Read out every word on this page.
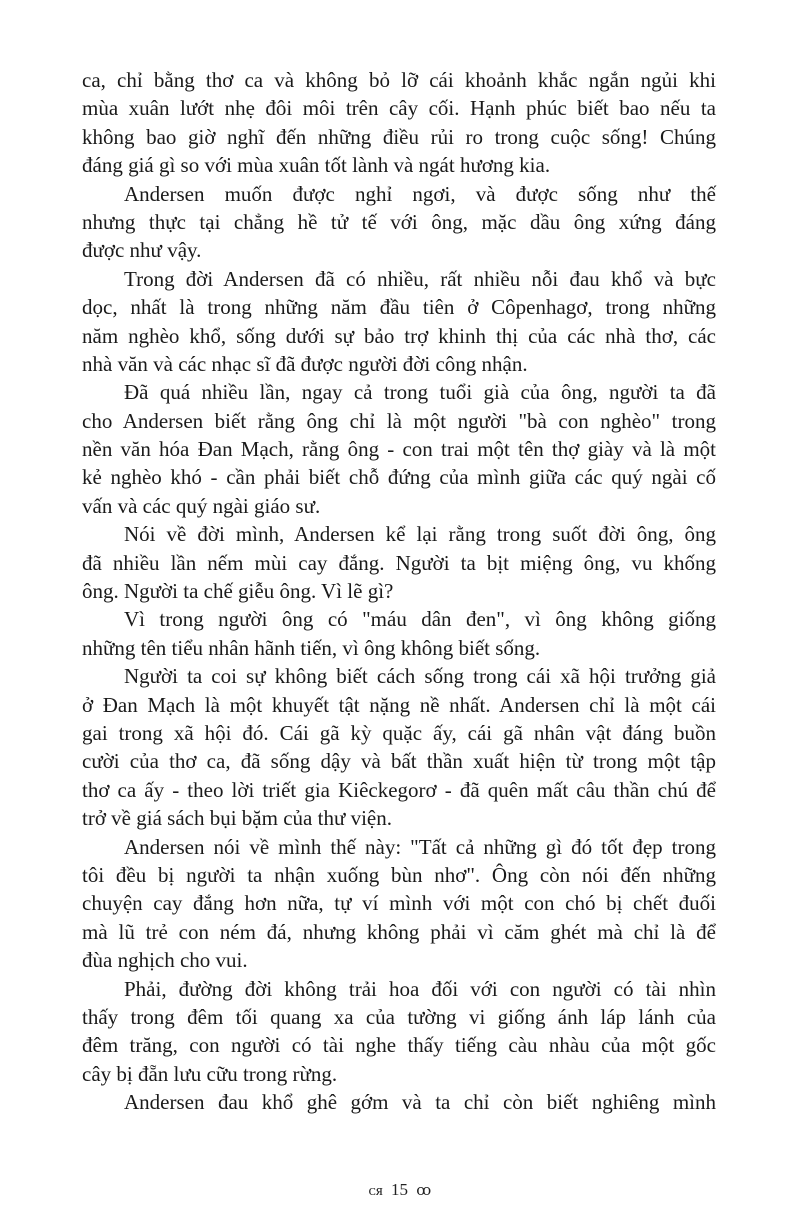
ca, chỉ bằng thơ ca và không bỏ lỡ cái khoảnh khắc ngắn ngủi khi
mùa xuân lướt nhẹ đôi môi trên cây cối. Hạnh phúc biết bao nếu ta
không bao giờ nghĩ đến những điều rủi ro trong cuộc sống! Chúng
đáng giá gì so với mùa xuân tốt lành và ngát hương kia.
Andersen muốn được nghỉ ngơi, và được sống như thế
nhưng thực tại chẳng hề tử tế với ông, mặc dầu ông xứng đáng
được như vậy.
Trong đời Andersen đã có nhiều, rất nhiều nỗi đau khổ và bực
dọc, nhất là trong những năm đầu tiên ở Côpenhagơ, trong những
năm nghèo khổ, sống dưới sự bảo trợ khinh thị của các nhà thơ, các
nhà văn và các nhạc sĩ đã được người đời công nhận.
Đã quá nhiều lần, ngay cả trong tuổi già của ông, người ta đã
cho Andersen biết rằng ông chỉ là một người "bà con nghèo" trong
nền văn hóa Đan Mạch, rằng ông - con trai một tên thợ giày và là một
kẻ nghèo khó - cần phải biết chỗ đứng của mình giữa các quý ngài cố
vấn và các quý ngài giáo sư.
Nói về đời mình, Andersen kể lại rằng trong suốt đời ông, ông
đã nhiều lần nếm mùi cay đắng. Người ta bịt miệng ông, vu khống
ông. Người ta chế giễu ông. Vì lẽ gì?
Vì trong người ông có "máu dân đen", vì ông không giống
những tên tiểu nhân hãnh tiến, vì ông không biết sống.
Người ta coi sự không biết cách sống trong cái xã hội trưởng giả
ở Đan Mạch là một khuyết tật nặng nề nhất. Andersen chỉ là một cái
gai trong xã hội đó. Cái gã kỳ quặc ấy, cái gã nhân vật đáng buồn
cười của thơ ca, đã sống dậy và bất thần xuất hiện từ trong một tập
thơ ca ấy - theo lời triết gia Kiêckegorơ - đã quên mất câu thần chú để
trở về giá sách bụi bặm của thư viện.
Andersen nói về mình thế này: "Tất cả những gì đó tốt đẹp trong
tôi đều bị người ta nhận xuống bùn nhơ". Ông còn nói đến những
chuyện cay đắng hơn nữa, tự ví mình với một con chó bị chết đuối
mà lũ trẻ con ném đá, nhưng không phải vì căm ghét mà chỉ là để
đùa nghịch cho vui.
Phải, đường đời không trải hoa đối với con người có tài nhìn
thấy trong đêm tối quang xa của tường vi giống ánh láp lánh của
đêm trăng, con người có tài nghe thấy tiếng càu nhàu của một gốc
cây bị đẵn lưu cữu trong rừng.
Andersen đau khổ ghê gớm và ta chỉ còn biết nghiêng mình
ᴄᴙ 15 ꝏ
